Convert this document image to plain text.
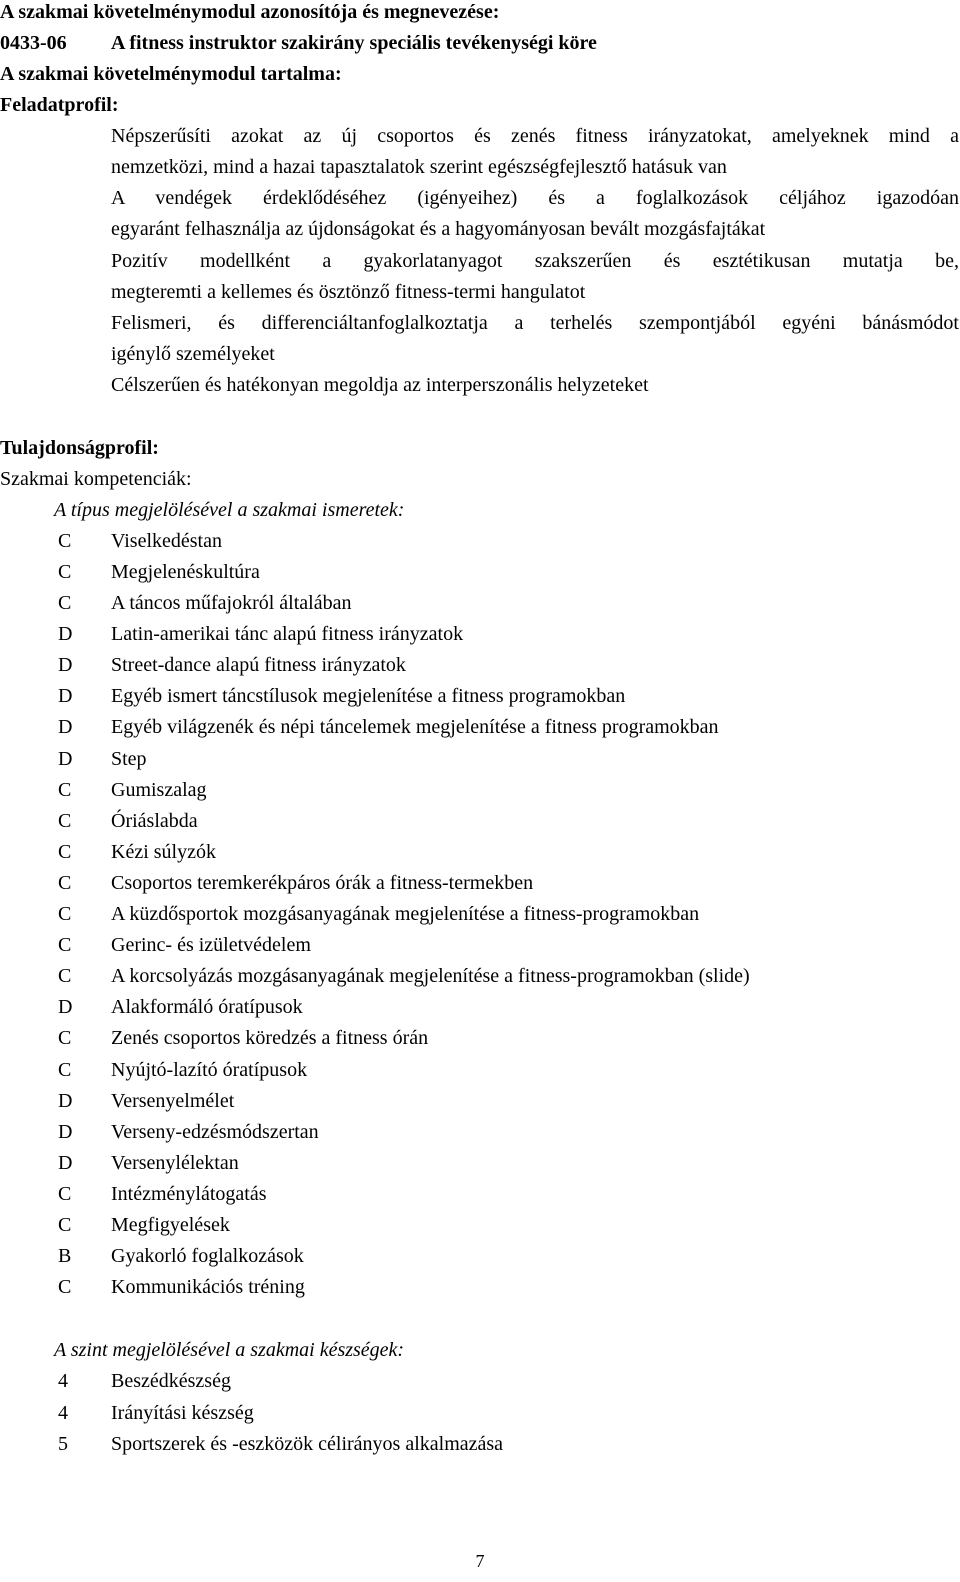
A szakmai követelménymodul azonosítója és megnevezése:
0433-06 A fitness instruktor szakirány speciális tevékenységi köre
A szakmai követelménymodul tartalma:
Feladatprofil:
Népszerűsíti azokat az új csoportos és zenés fitness irányzatokat, amelyeknek mind a
nemzetközi, mind a hazai tapasztalatok szerint egészségfejlesztő hatásuk van
A vendégek érdeklődéséhez (igényeihez) és a foglalkozások céljához igazodóan
egyaránt felhasználja az újdonságokat és a hagyományosan bevált mozgásfajtákat
Pozitív modellként a gyakorlatanyagot szakszerűen és esztétikusan mutatja be,
megteremti a kellemes és ösztönző fitness-termi hangulatot
Felismeri, és differenciáltanfoglalkoztatja a terhelés szempontjából egyéni bánásmódot
igénylő személyeket
Célszerűen és hatékonyan megoldja az interperszonális helyzeteket
Tulajdonságprofil:
Szakmai kompetenciák:
A típus megjelölésével a szakmai ismeretek:
C	Viselkedéstan
C	Megjelenéskultúra
C	A táncos műfajokról általában
D Latin-amerikai tánc alapú fitness irányzatok
D Street-dance alapú fitness irányzatok
D Egyéb ismert táncstílusok megjelenítése a fitness programokban
D Egyéb világzenék és népi táncelemek megjelenítése a fitness programokban
D Step
C	Gumiszalag
C	Óriáslabda
C	Kézi súlyzók
C	Csoportos teremkerékpáros órák a fitness-termekben
C	A küzdősportok mozgásanyagának megjelenítése a fitness-programokban
C	Gerinc- és izületvédelem
C	A korcsolyázás mozgásanyagának megjelenítése a fitness-programokban (slide)
D Alakformáló óratípusok
C	Zenés csoportos köredzés a fitness órán
C	Nyújtó-lazító óratípusok
D Versenyelmélet
D Verseny-edzésmódszertan
D Versenylélektan
C	Intézménylátogatás
C	Megfigyelések
B	Gyakorló foglalkozások
C	Kommunikációs tréning
A szint megjelölésével a szakmai készségek:
4	Beszédkészség
4	Irányítási készség
5	Sportszerek és -eszközök célirányos alkalmazása
7
